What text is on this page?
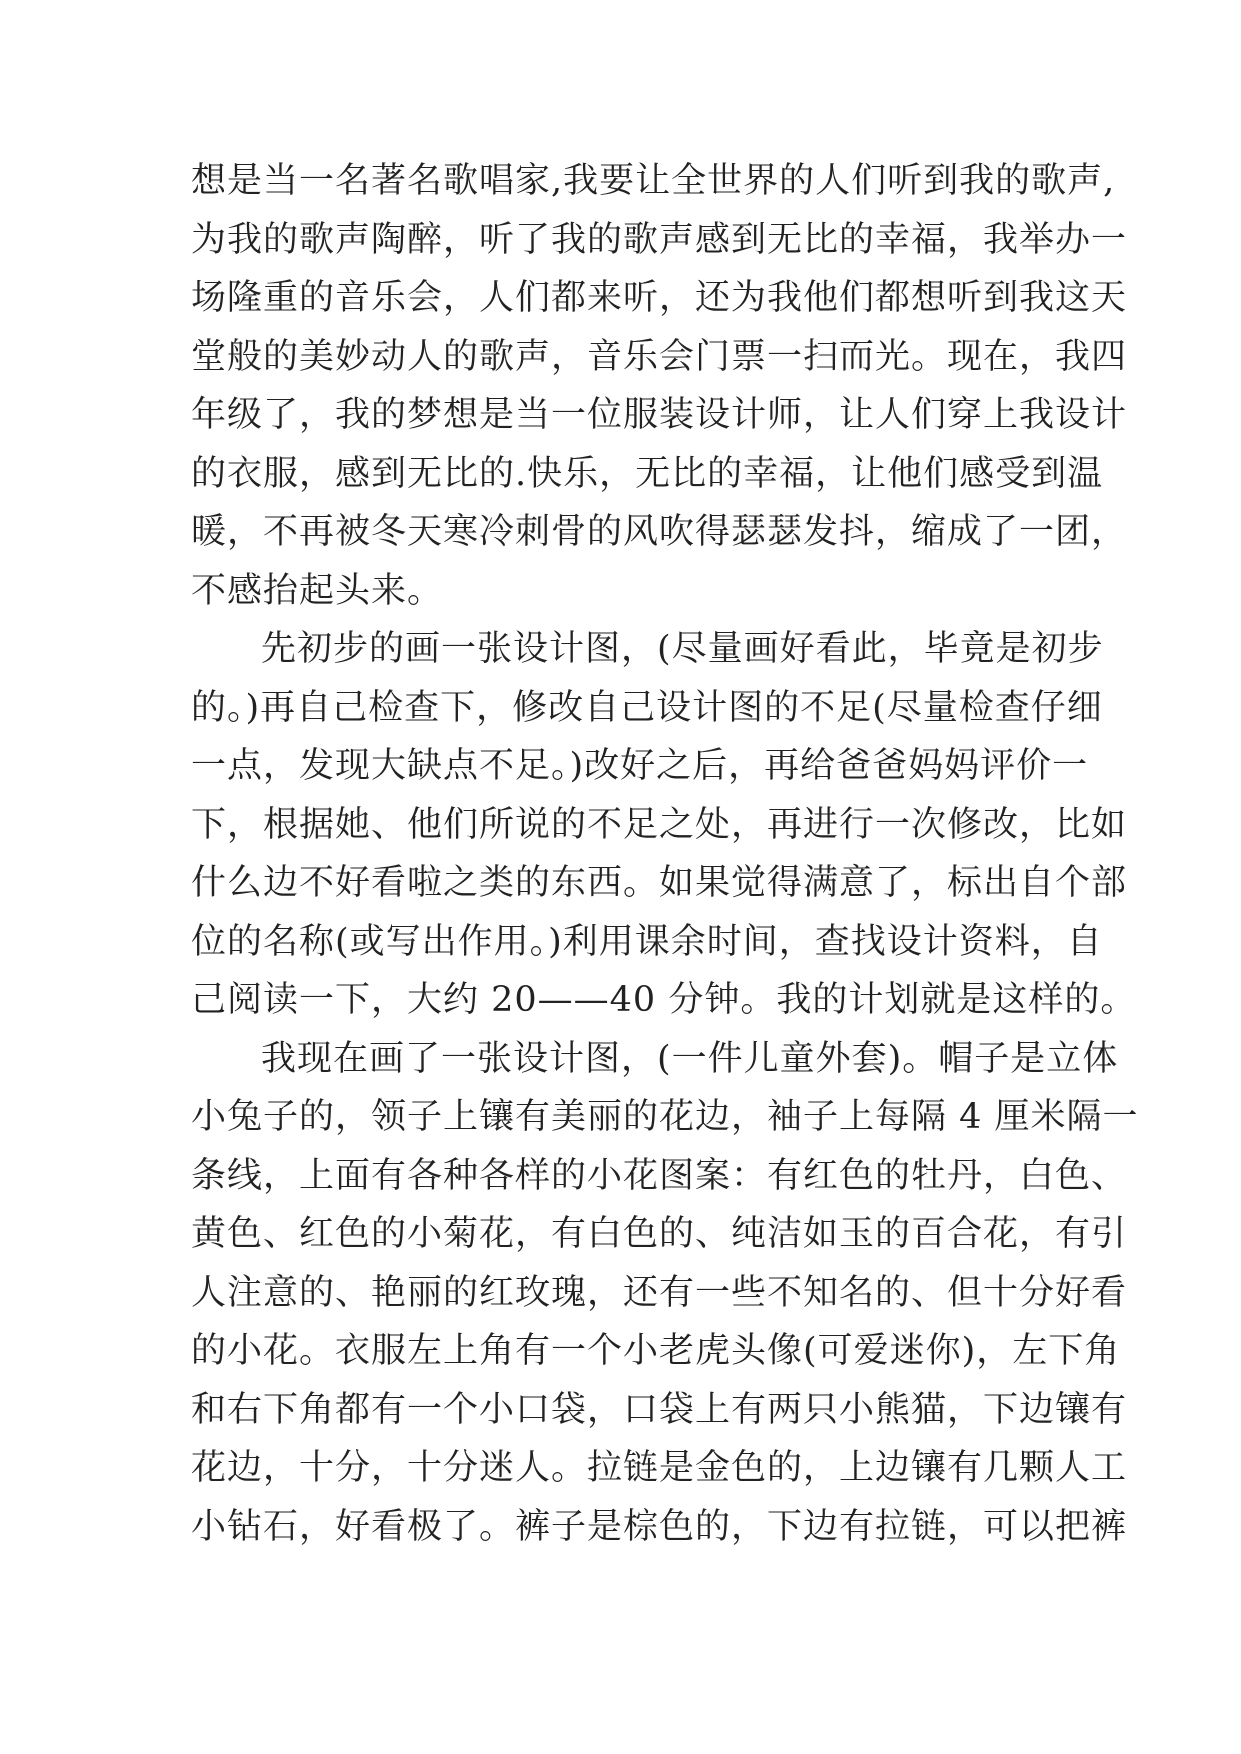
想是当一名著名歌唱家,我要让全世界的人们听到我的歌声,
为我的歌声陶醉，听了我的歌声感到无比的幸福，我举办一
场隆重的音乐会，人们都来听，还为我他们都想听到我这天
堂般的美妙动人的歌声，音乐会门票一扫而光。现在，我四
年级了，我的梦想是当一位服装设计师，让人们穿上我设计
的衣服，感到无比的.快乐，无比的幸福，让他们感受到温
暖，不再被冬天寒冷刺骨的风吹得瑟瑟发抖，缩成了一团，
不感抬起头来。
先初步的画一张设计图，(尽量画好看此，毕竟是初步
的。)再自己检查下，修改自己设计图的不足(尽量检查仔细
一点，发现大缺点不足。)改好之后，再给爸爸妈妈评价一
下，根据她、他们所说的不足之处，再进行一次修改，比如
什么边不好看啦之类的东西。如果觉得满意了，标出自个部
位的名称(或写出作用。)利用课余时间，查找设计资料，自
己阅读一下，大约 20——40 分钟。我的计划就是这样的。
我现在画了一张设计图，(一件儿童外套)。帽子是立体
小兔子的，领子上镶有美丽的花边，袖子上每隔 4 厘米隔一
条线，上面有各种各样的小花图案：有红色的牡丹，白色、
黄色、红色的小菊花，有白色的、纯洁如玉的百合花，有引
人注意的、艳丽的红玫瑰，还有一些不知名的、但十分好看
的小花。衣服左上角有一个小老虎头像(可爱迷你)，左下角
和右下角都有一个小口袋，口袋上有两只小熊猫，下边镶有
花边，十分，十分迷人。拉链是金色的，上边镶有几颗人工
小钻石，好看极了。裤子是棕色的，下边有拉链，可以把裤
